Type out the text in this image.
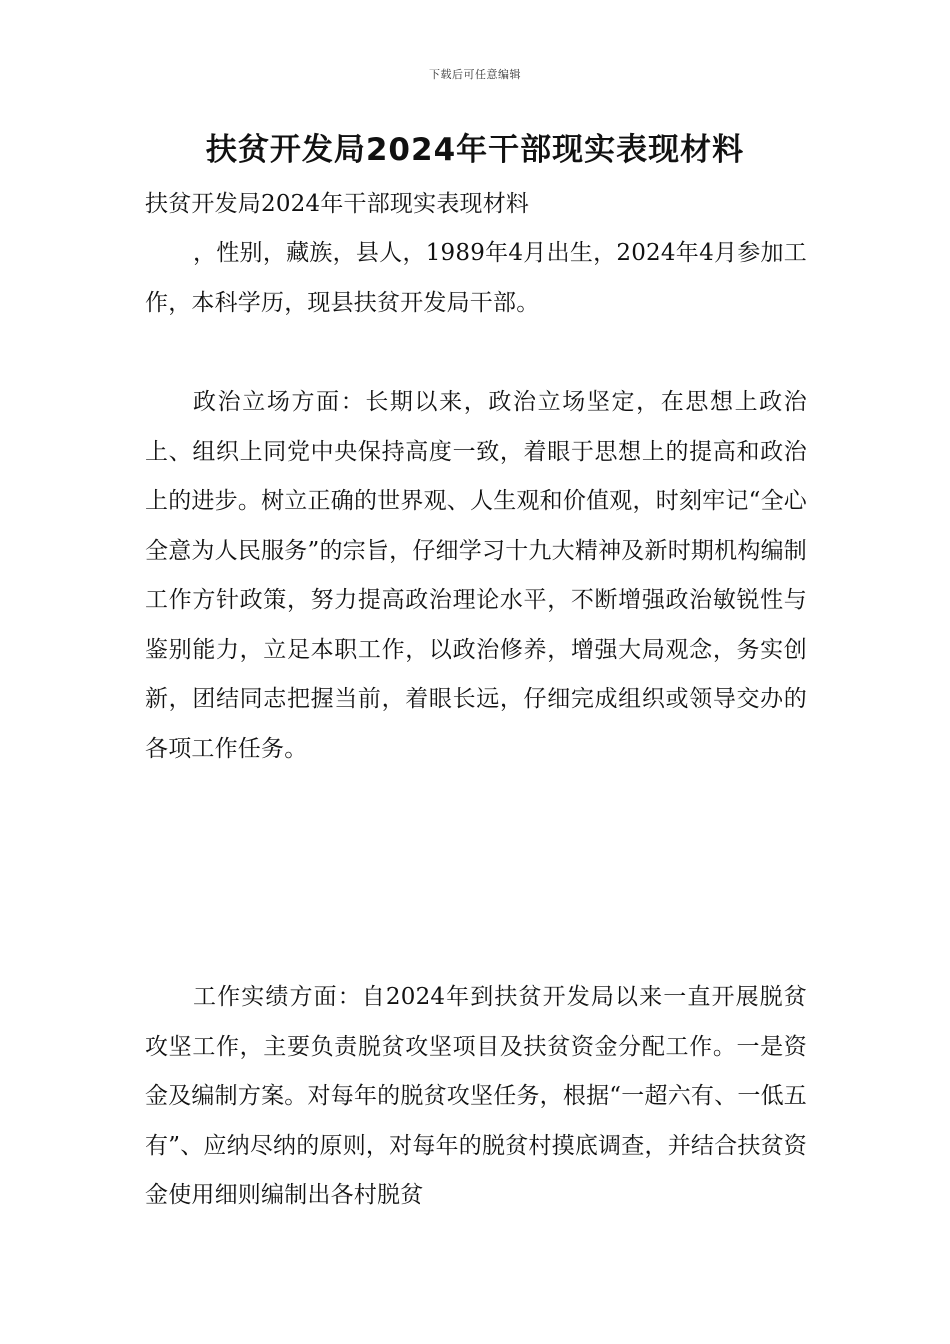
下载后可任意编辑
扶贫开发局2024年干部现实表现材料

扶贫开发局2024年干部现实表现材料

，性别，藏族，县人，1989年4月出生，2024年4月参加工作，本科学历，现县扶贫开发局干部。

政治立场方面：长期以来，政治立场坚定，在思想上政治上、组织上同党中央保持高度一致，着眼于思想上的提高和政治上的进步。树立正确的世界观、人生观和价值观，时刻牢记“全心全意为人民服务”的宗旨，仔细学习十九大精神及新时期机构编制工作方针政策，努力提高政治理论水平，不断增强政治敏锐性与鉴别能力，立足本职工作，以政治修养，增强大局观念，务实创新，团结同志把握当前，着眼长远，仔细完成组织或领导交办的各项工作任务。

工作实绩方面：自2024年到扶贫开发局以来一直开展脱贫攻坚工作，主要负责脱贫攻坚项目及扶贫资金分配工作。一是资金及编制方案。对每年的脱贫攻坚任务，根据“一超六有、一低五有”、应纳尽纳的原则，对每年的脱贫村摸底调查，并结合扶贫资金使用细则编制出各村脱贫
